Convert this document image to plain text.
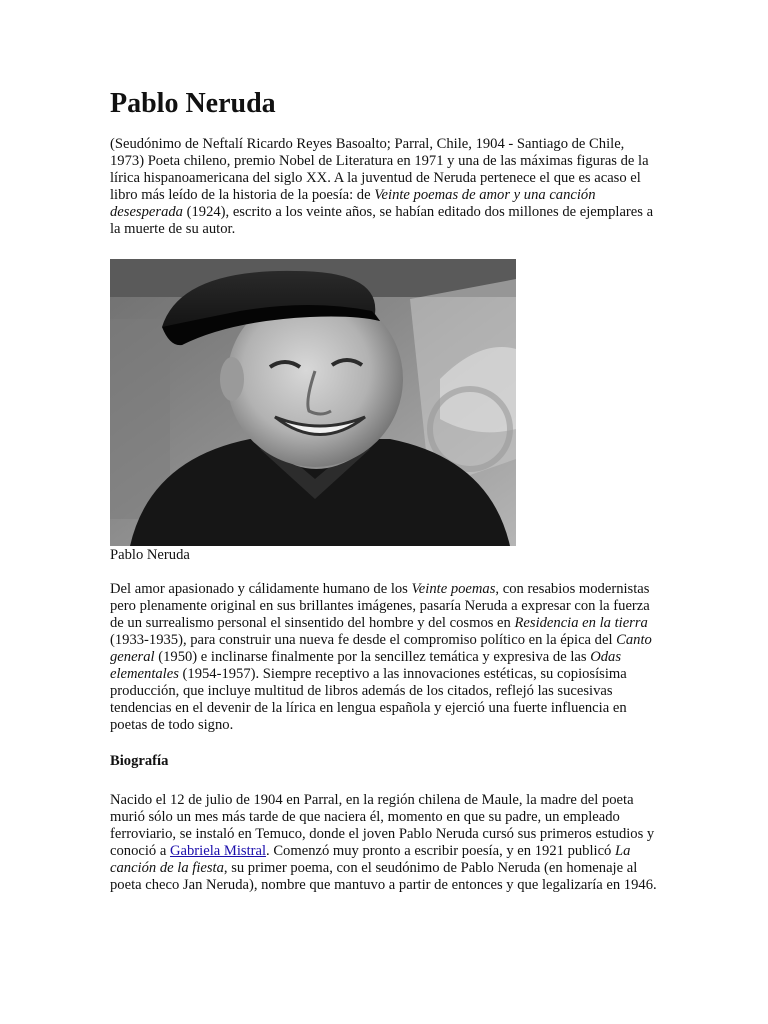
Pablo Neruda

(Seudónimo de Neftalí Ricardo Reyes Basoalto; Parral, Chile, 1904 - Santiago de Chile, 1973) Poeta chileno, premio Nobel de Literatura en 1971 y una de las máximas figuras de la lírica hispanoamericana del siglo XX. A la juventud de Neruda pertenece el que es acaso el libro más leído de la historia de la poesía: de Veinte poemas de amor y una canción desesperada (1924), escrito a los veinte años, se habían editado dos millones de ejemplares a la muerte de su autor.

Pablo Neruda

Del amor apasionado y cálidamente humano de los Veinte poemas, con resabios modernistas pero plenamente original en sus brillantes imágenes, pasaría Neruda a expresar con la fuerza de un surrealismo personal el sinsentido del hombre y del cosmos en Residencia en la tierra (1933-1935), para construir una nueva fe desde el compromiso político en la épica del Canto general (1950) e inclinarse finalmente por la sencillez temática y expresiva de las Odas elementales (1954-1957). Siempre receptivo a las innovaciones estéticas, su copiosísima producción, que incluye multitud de libros además de los citados, reflejó las sucesivas tendencias en el devenir de la lírica en lengua española y ejerció una fuerte influencia en poetas de todo signo.

Biografía

Nacido el 12 de julio de 1904 en Parral, en la región chilena de Maule, la madre del poeta murió sólo un mes más tarde de que naciera él, momento en que su padre, un empleado ferroviario, se instaló en Temuco, donde el joven Pablo Neruda cursó sus primeros estudios y conoció a Gabriela Mistral. Comenzó muy pronto a escribir poesía, y en 1921 publicó La canción de la fiesta, su primer poema, con el seudónimo de Pablo Neruda (en homenaje al poeta checo Jan Neruda), nombre que mantuvo a partir de entonces y que legalizaría en 1946.
